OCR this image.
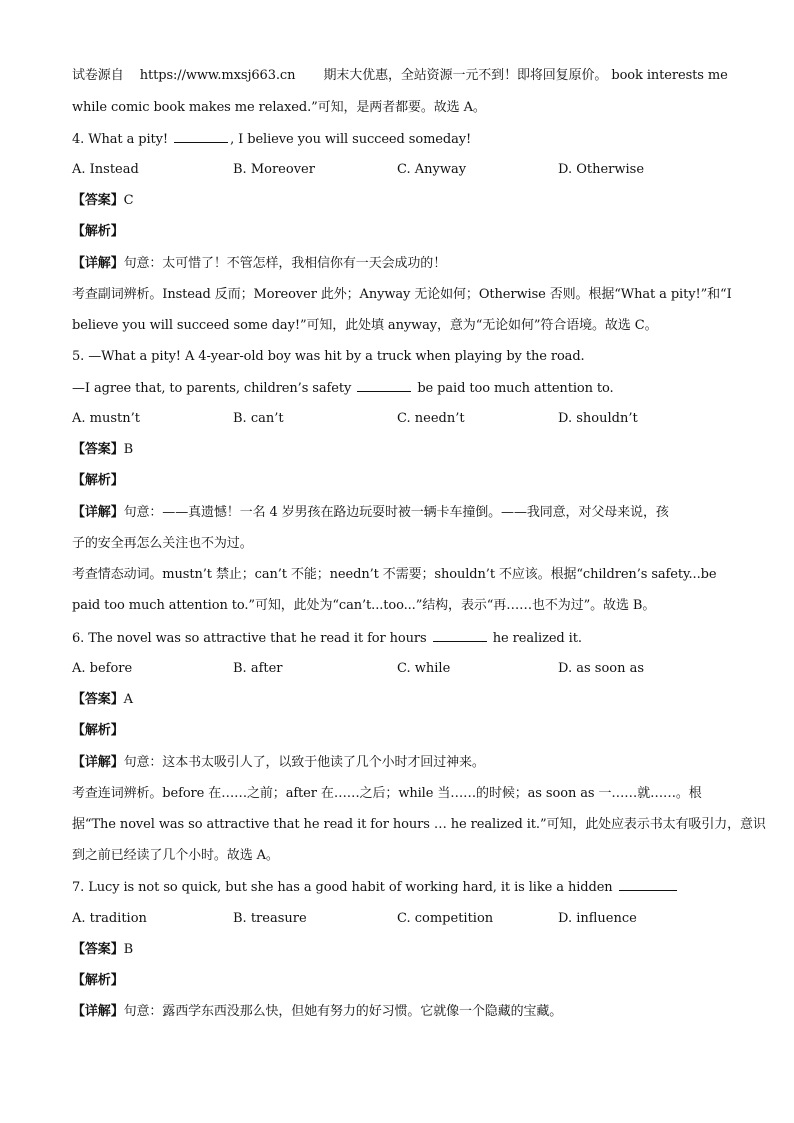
试卷源自 https://www.mxsj663.cn 期末大优惠，全站资源一元不到！即将回复原价。 book interests me
while comic book makes me relaxed.”可知，是两者都要。故选 A。
4. What a pity!	, I believe you will succeed someday!
A. Instead	B. Moreover	C. Anyway	D. Otherwise
【答案】C
【解析】
【详解】句意：太可惜了！不管怎样，我相信你有一天会成功的！
考查副词辨析。Instead 反而；Moreover 此外；Anyway 无论如何；Otherwise 否则。根据“What a pity!”和“I
believe you will succeed some day!”可知，此处填 anyway，意为“无论如何”符合语境。故选 C。
5. —What a pity! A 4-year-old boy was hit by a truck when playing by the road.
—I agree that, to parents, children’s safety	be paid too much attention to.
A. mustn’t	B. can’t	C. needn’t	D. shouldn’t
【答案】B
【解析】
【详解】句意：——真遗憾！一名 4 岁男孩在路边玩耍时被一辆卡车撞倒。——我同意，对父母来说，孩
子的安全再怎么关注也不为过。
考查情态动词。mustn’t 禁止；can’t 不能；needn’t 不需要；shouldn’t 不应该。根据“children’s safety...be
paid too much attention to.”可知，此处为“can’t...too...”结构，表示“再……也不为过”。故选 B。
6. The novel was so attractive that he read it for hours	he realized it.
A. before	B. after	C. while	D. as soon as
【答案】A
【解析】
【详解】句意：这本书太吸引人了，以致于他读了几个小时才回过神来。
考查连词辨析。before 在……之前；after 在……之后；while 当……的时候；as soon as 一……就……。根
据“The novel was so attractive that he read it for hours … he realized it.”可知，此处应表示书太有吸引力，意识
到之前已经读了几个小时。故选 A。
7. Lucy is not so quick, but she has a good habit of working hard, it is like a hidden
A. tradition	B. treasure	C. competition	D. influence
【答案】B
【解析】
【详解】句意：露西学东西没那么快，但她有努力的好习惯。它就像一个隐藏的宝藏。
